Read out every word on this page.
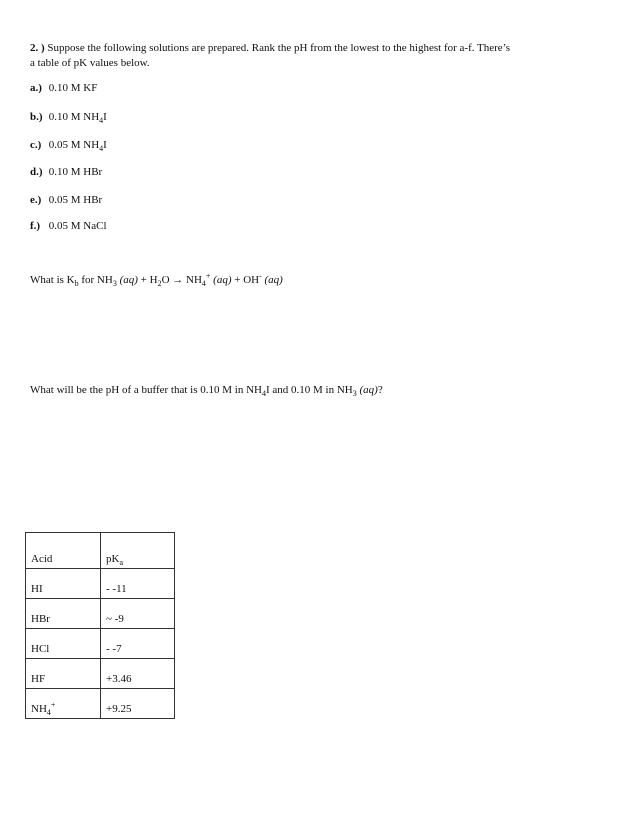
2. ) Suppose the following solutions are prepared. Rank the pH from the lowest to the highest for a-f. There’s
a table of pK values below.
a.) 0.10 M KF
b.) 0.10 M $NH_4I$
c.) 0.05 M $NH_4I$
d.) 0.10 M HBr
e.) 0.05 M HBr
f.) 0.05 M NaCl
What is $K_b$ for $NH_3$ $(aq) + H_2O \to NH_4^+$ (aq) + OH- (aq)
What will be the pH of a buffer that is 0.10 M in $NH_4I$ and 0.10 M in $NH_3$ (aq)?
Acid	$pK_a$
HI	- -11
HBr	~ -9
HCl	- -7
HF	+3.46
$NH_4^+$	+9.25
